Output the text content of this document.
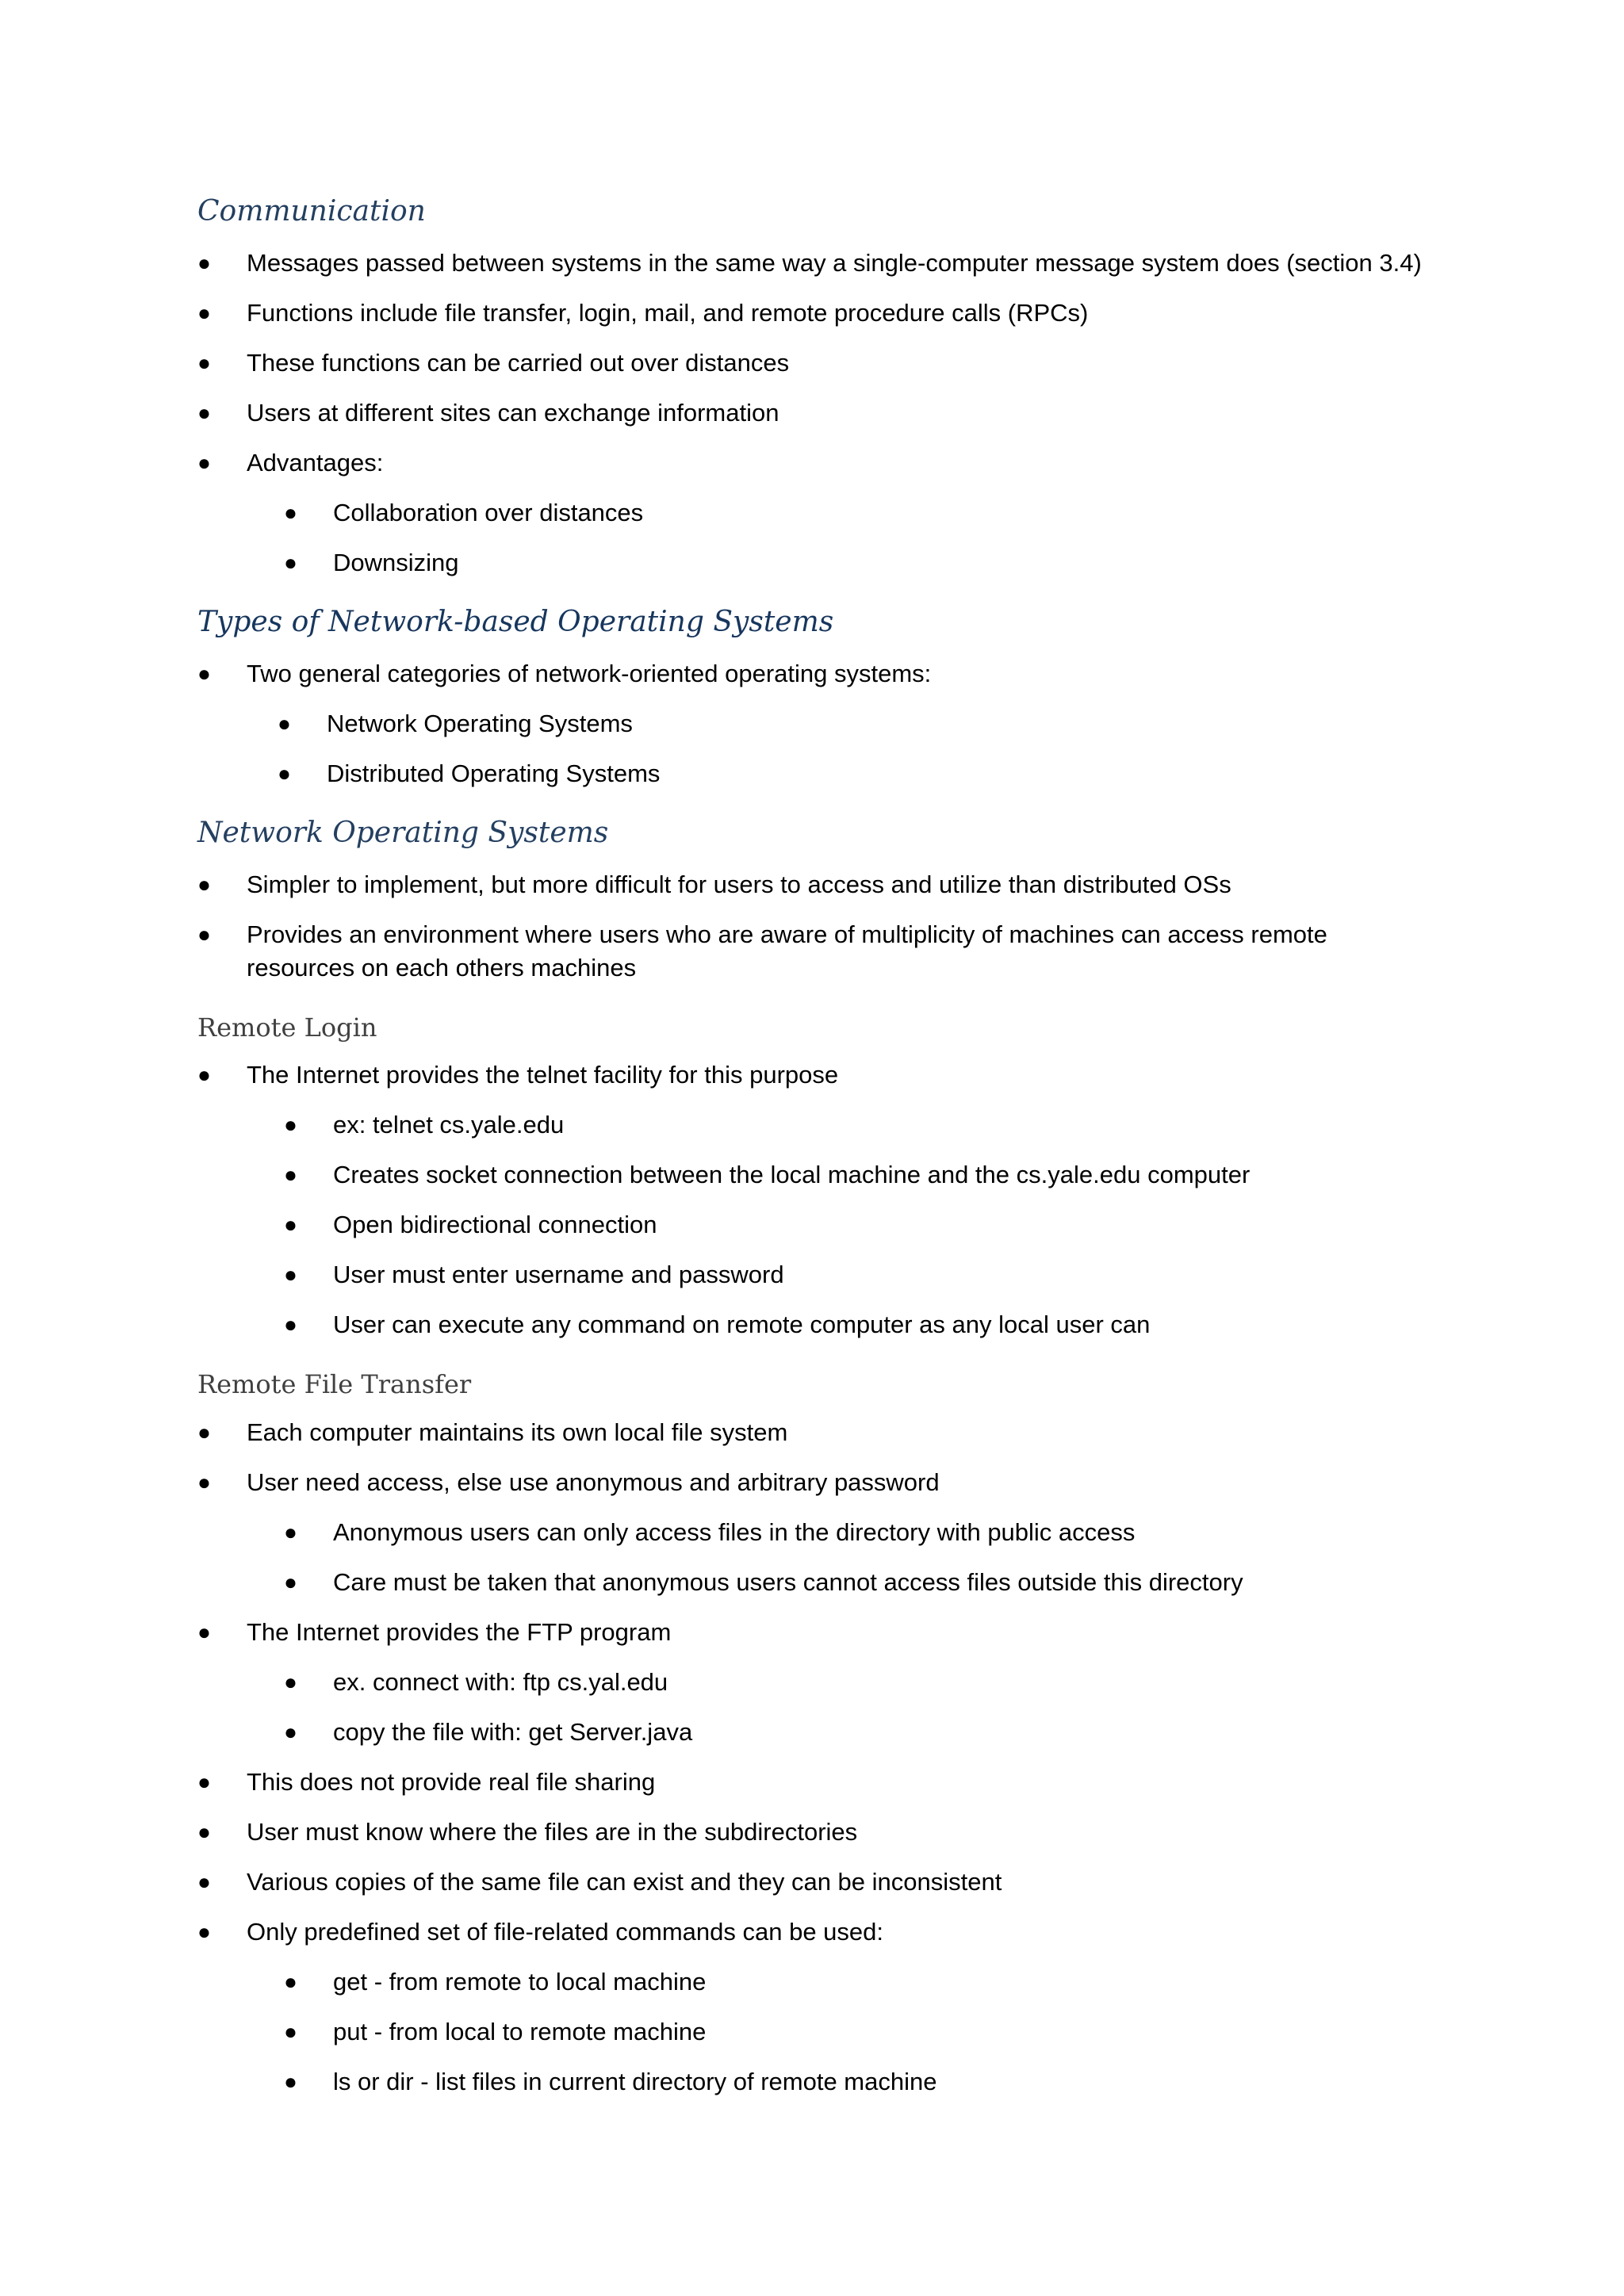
Communication
● Messages passed between systems in the same way a single-computer message system does (section 3.4)
● Functions include file transfer, login, mail, and remote procedure calls (RPCs)
● These functions can be carried out over distances
● Users at different sites can exchange information
● Advantages:
● Collaboration over distances
● Downsizing
Types of Network-based Operating Systems
● Two general categories of network-oriented operating systems:
● Network Operating Systems
● Distributed Operating Systems
Network Operating Systems
● Simpler to implement, but more difficult for users to access and utilize than distributed OSs
● Provides an environment where users who are aware of multiplicity of machines can access remote resources on each others machines
Remote Login
● The Internet provides the telnet facility for this purpose
● ex: telnet cs.yale.edu
● Creates socket connection between the local machine and the cs.yale.edu computer
● Open bidirectional connection
● User must enter username and password
● User can execute any command on remote computer as any local user can
Remote File Transfer
● Each computer maintains its own local file system
● User need access, else use anonymous and arbitrary password
● Anonymous users can only access files in the directory with public access
● Care must be taken that anonymous users cannot access files outside this directory
● The Internet provides the FTP program
● ex. connect with: ftp cs.yal.edu
● copy the file with: get Server.java
● This does not provide real file sharing
● User must know where the files are in the subdirectories
● Various copies of the same file can exist and they can be inconsistent
● Only predefined set of file-related commands can be used:
● get - from remote to local machine
● put - from local to remote machine
● ls or dir - list files in current directory of remote machine
